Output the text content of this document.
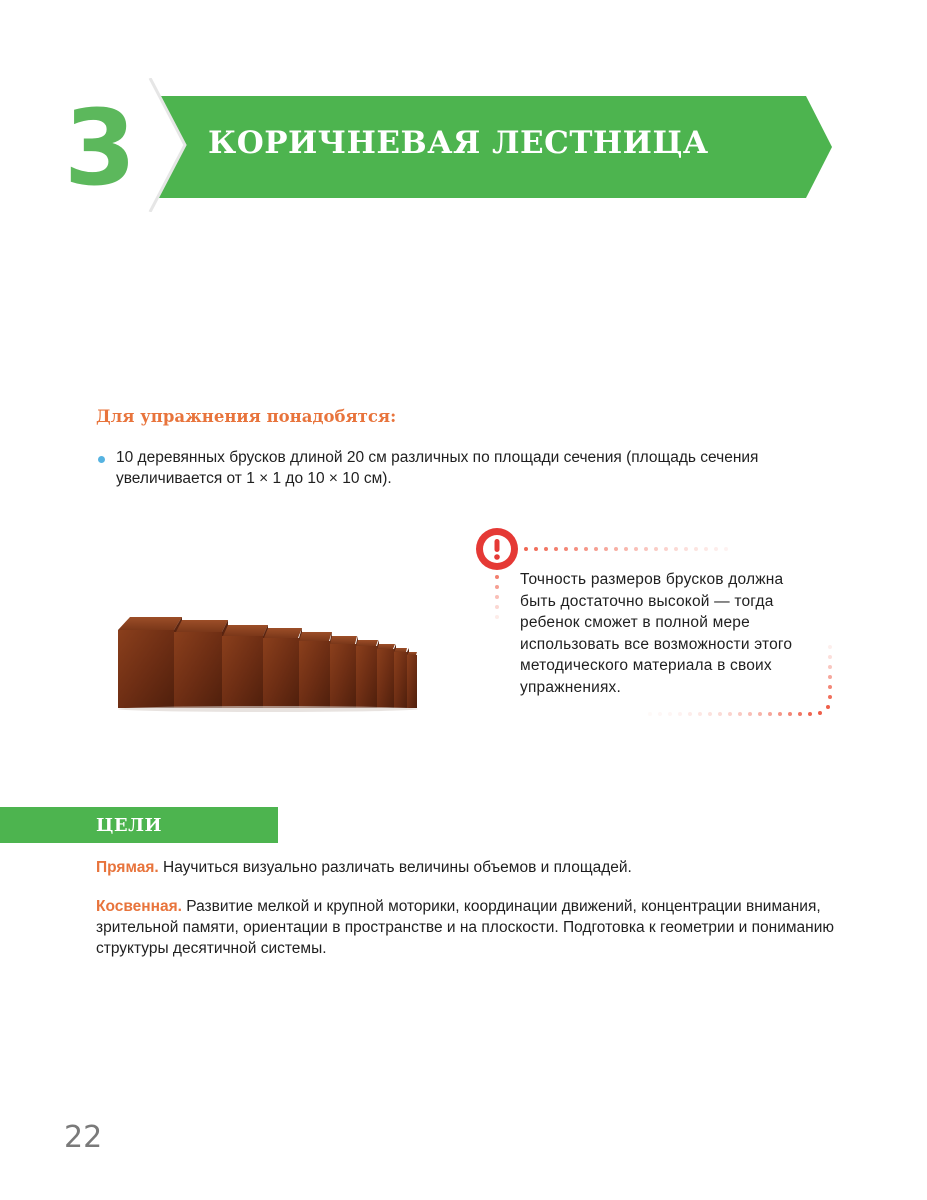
3 КОРИЧНЕВАЯ ЛЕСТНИЦА
Для упражнения понадобятся:
10 деревянных брусков длиной 20 см различных по площади сечения (площадь сечения увеличивается от 1 × 1 до 10 × 10 см).
Точность размеров брусков должна быть достаточно высокой — тогда ребенок сможет в полной мере использовать все возможности этого методического материала в своих упражнениях.
ЦЕЛИ
Прямая. Научиться визуально различать величины объемов и площадей.
Косвенная. Развитие мелкой и крупной моторики, координации движений, концентрации внимания, зрительной памяти, ориентации в пространстве и на плоскости. Подготовка к геометрии и пониманию структуры десятичной системы.
22
